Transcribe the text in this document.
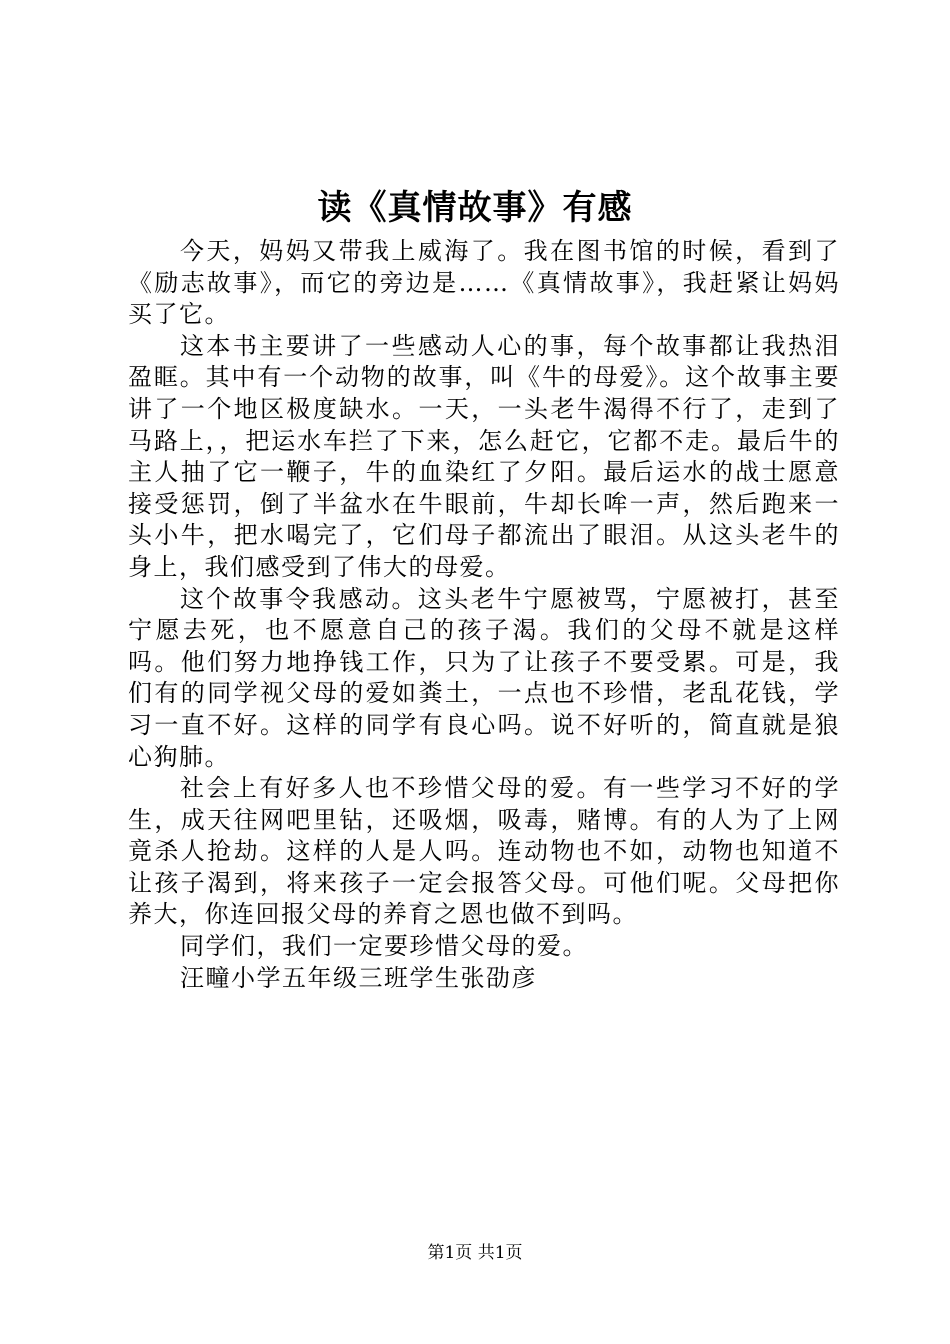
读《真情故事》有感

今天，妈妈又带我上威海了。我在图书馆的时候，看到了《励志故事》，而它的旁边是……《真情故事》，我赶紧让妈妈买了它。

这本书主要讲了一些感动人心的事，每个故事都让我热泪盈眶。其中有一个动物的故事，叫《牛的母爱》。这个故事主要讲了一个地区极度缺水。一天，一头老牛渴得不行了，走到了马路上，，把运水车拦了下来，怎么赶它，它都不走。最后牛的主人抽了它一鞭子，牛的血染红了夕阳。最后运水的战士愿意接受惩罚，倒了半盆水在牛眼前，牛却长哞一声，然后跑来一头小牛，把水喝完了，它们母子都流出了眼泪。从这头老牛的身上，我们感受到了伟大的母爱。

这个故事令我感动。这头老牛宁愿被骂，宁愿被打，甚至宁愿去死，也不愿意自己的孩子渴。我们的父母不就是这样吗。他们努力地挣钱工作，只为了让孩子不要受累。可是，我们有的同学视父母的爱如粪土，一点也不珍惜，老乱花钱，学习一直不好。这样的同学有良心吗。说不好听的，简直就是狼心狗肺。

社会上有好多人也不珍惜父母的爱。有一些学习不好的学生，成天往网吧里钻，还吸烟，吸毒，赌博。有的人为了上网竟杀人抢劫。这样的人是人吗。连动物也不如，动物也知道不让孩子渴到，将来孩子一定会报答父母。可他们呢。父母把你养大，你连回报父母的养育之恩也做不到吗。

同学们，我们一定要珍惜父母的爱。

汪疃小学五年级三班学生张劭彦

第1页 共1页
